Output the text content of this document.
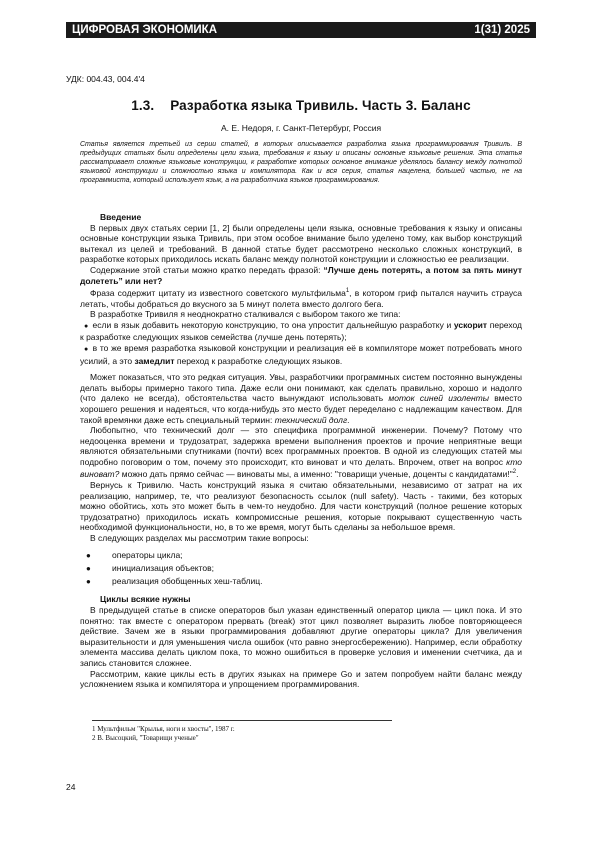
ЦИФРОВАЯ ЭКОНОМИКА	1(31) 2025
УДК: 004.43, 004.4'4
1.3. Разработка языка Тривиль. Часть 3. Баланс
А. Е. Недоря, г. Санкт-Петербург, Россия

Статья является третьей из серии статей, в которых описывается разработка языка программирования Тривиль. В предыдущих статьях были определены цели языка, требования к языку и описаны основные языковые решения. Эта статья рассматривает сложные языковые конструкции, к разработке которых основное внимание уделялось балансу между полнотой языковой конструкции и сложностью языка и компилятора. Как и вся серия, статья нацелена, большей частью, не на программиста, который использует язык, а на разработчика языков программирования.

Введение

В первых двух статьях серии [1, 2] были определены цели языка, основные требования к языку и описаны основные конструкции языка Тривиль, при этом особое внимание было уделено тому, как выбор конструкций вытекал из целей и требований. В данной статье будет рассмотрено несколько сложных конструкций, в разработке которых приходилось искать баланс между полнотой конструкции и сложностью ее реализации.

Содержание этой статьи можно кратко передать фразой: “Лучше день потерять, а потом за пять минут долететь” или нет?

Фраза содержит цитату из известного советского мультфильма$^1$, в котором гриф пытался научить страуса летать, чтобы добраться до вкусного за 5 минут полета вместо долгого бега.

В разработке Тривиля я неоднократно сталкивался с выбором такого же типа:

● если в язык добавить некоторую конструкцию, то она упростит дальнейшую разработку и ускорит переход к разработке следующих языков семейства (лучше день потерять);

● в то же время разработка языковой конструкции и реализация её в компиляторе может потребовать много усилий, а это замедлит переход к разработке следующих языков.

Может показаться, что это редкая ситуация. Увы, разработчики программных систем постоянно вынуждены делать выборы примерно такого типа. Даже если они понимают, как сделать правильно, хорошо и надолго (что далеко не всегда), обстоятельства часто вынуждают использовать моток синей изоленты вместо хорошего решения и надеяться, что когда-нибудь это место будет переделано с надлежащим качеством. Для такой времянки даже есть специальный термин: технический долг.

Любопытно, что технический долг — это специфика программной инженерии. Почему? Потому что недооценка времени и трудозатрат, задержка времени выполнения проектов и прочие неприятные вещи являются обязательными спутниками (почти) всех программных проектов. В одной из следующих статей мы подробно поговорим о том, почему это происходит, кто виноват и что делать. Впрочем, ответ на вопрос кто виноват? можно дать прямо сейчас — виноваты мы, а именно: "товарищи ученые, доценты с кандидатами!"$^2$.

Вернусь к Тривилю. Часть конструкций языка я считаю обязательными, независимо от затрат на их реализацию, например, те, что реализуют безопасность ссылок (null safety). Часть - такими, без которых можно обойтись, хоть это может быть в чем-то неудобно. Для части конструкций (полное решение которых трудозатратно) приходилось искать компромиссные решения, которые покрывают существенную часть необходимой функциональности, но, в то же время, могут быть сделаны за небольшое время.

В следующих разделах мы рассмотрим такие вопросы:

●	операторы цикла;
●	инициализация объектов;
●	реализация обобщенных хеш-таблиц.
Циклы всякие нужны

В предыдущей статье в списке операторов был указан единственный оператор цикла — цикл пока. И это понятно: так вместе с оператором прервать (break) этот цикл позволяет выразить любое повторяющееся действие. Зачем же в языки программирования добавляют другие операторы цикла? Для увеличения выразительности и для уменьшения числа ошибок (что равно энергосбережению). Например, если обработку элемента массива делать циклом пока, то можно ошибиться в проверке условия и именении счетчика, да и запись становится сложнее.

Рассмотрим, какие циклы есть в других языках на примере Go и затем попробуем найти баланс между усложнением языка и компилятора и упрощением программирования.

1 Мультфильм "Крылья, ноги и хвосты", 1987 г.
2 В. Высоцкий, "Товарищи ученые"
24
